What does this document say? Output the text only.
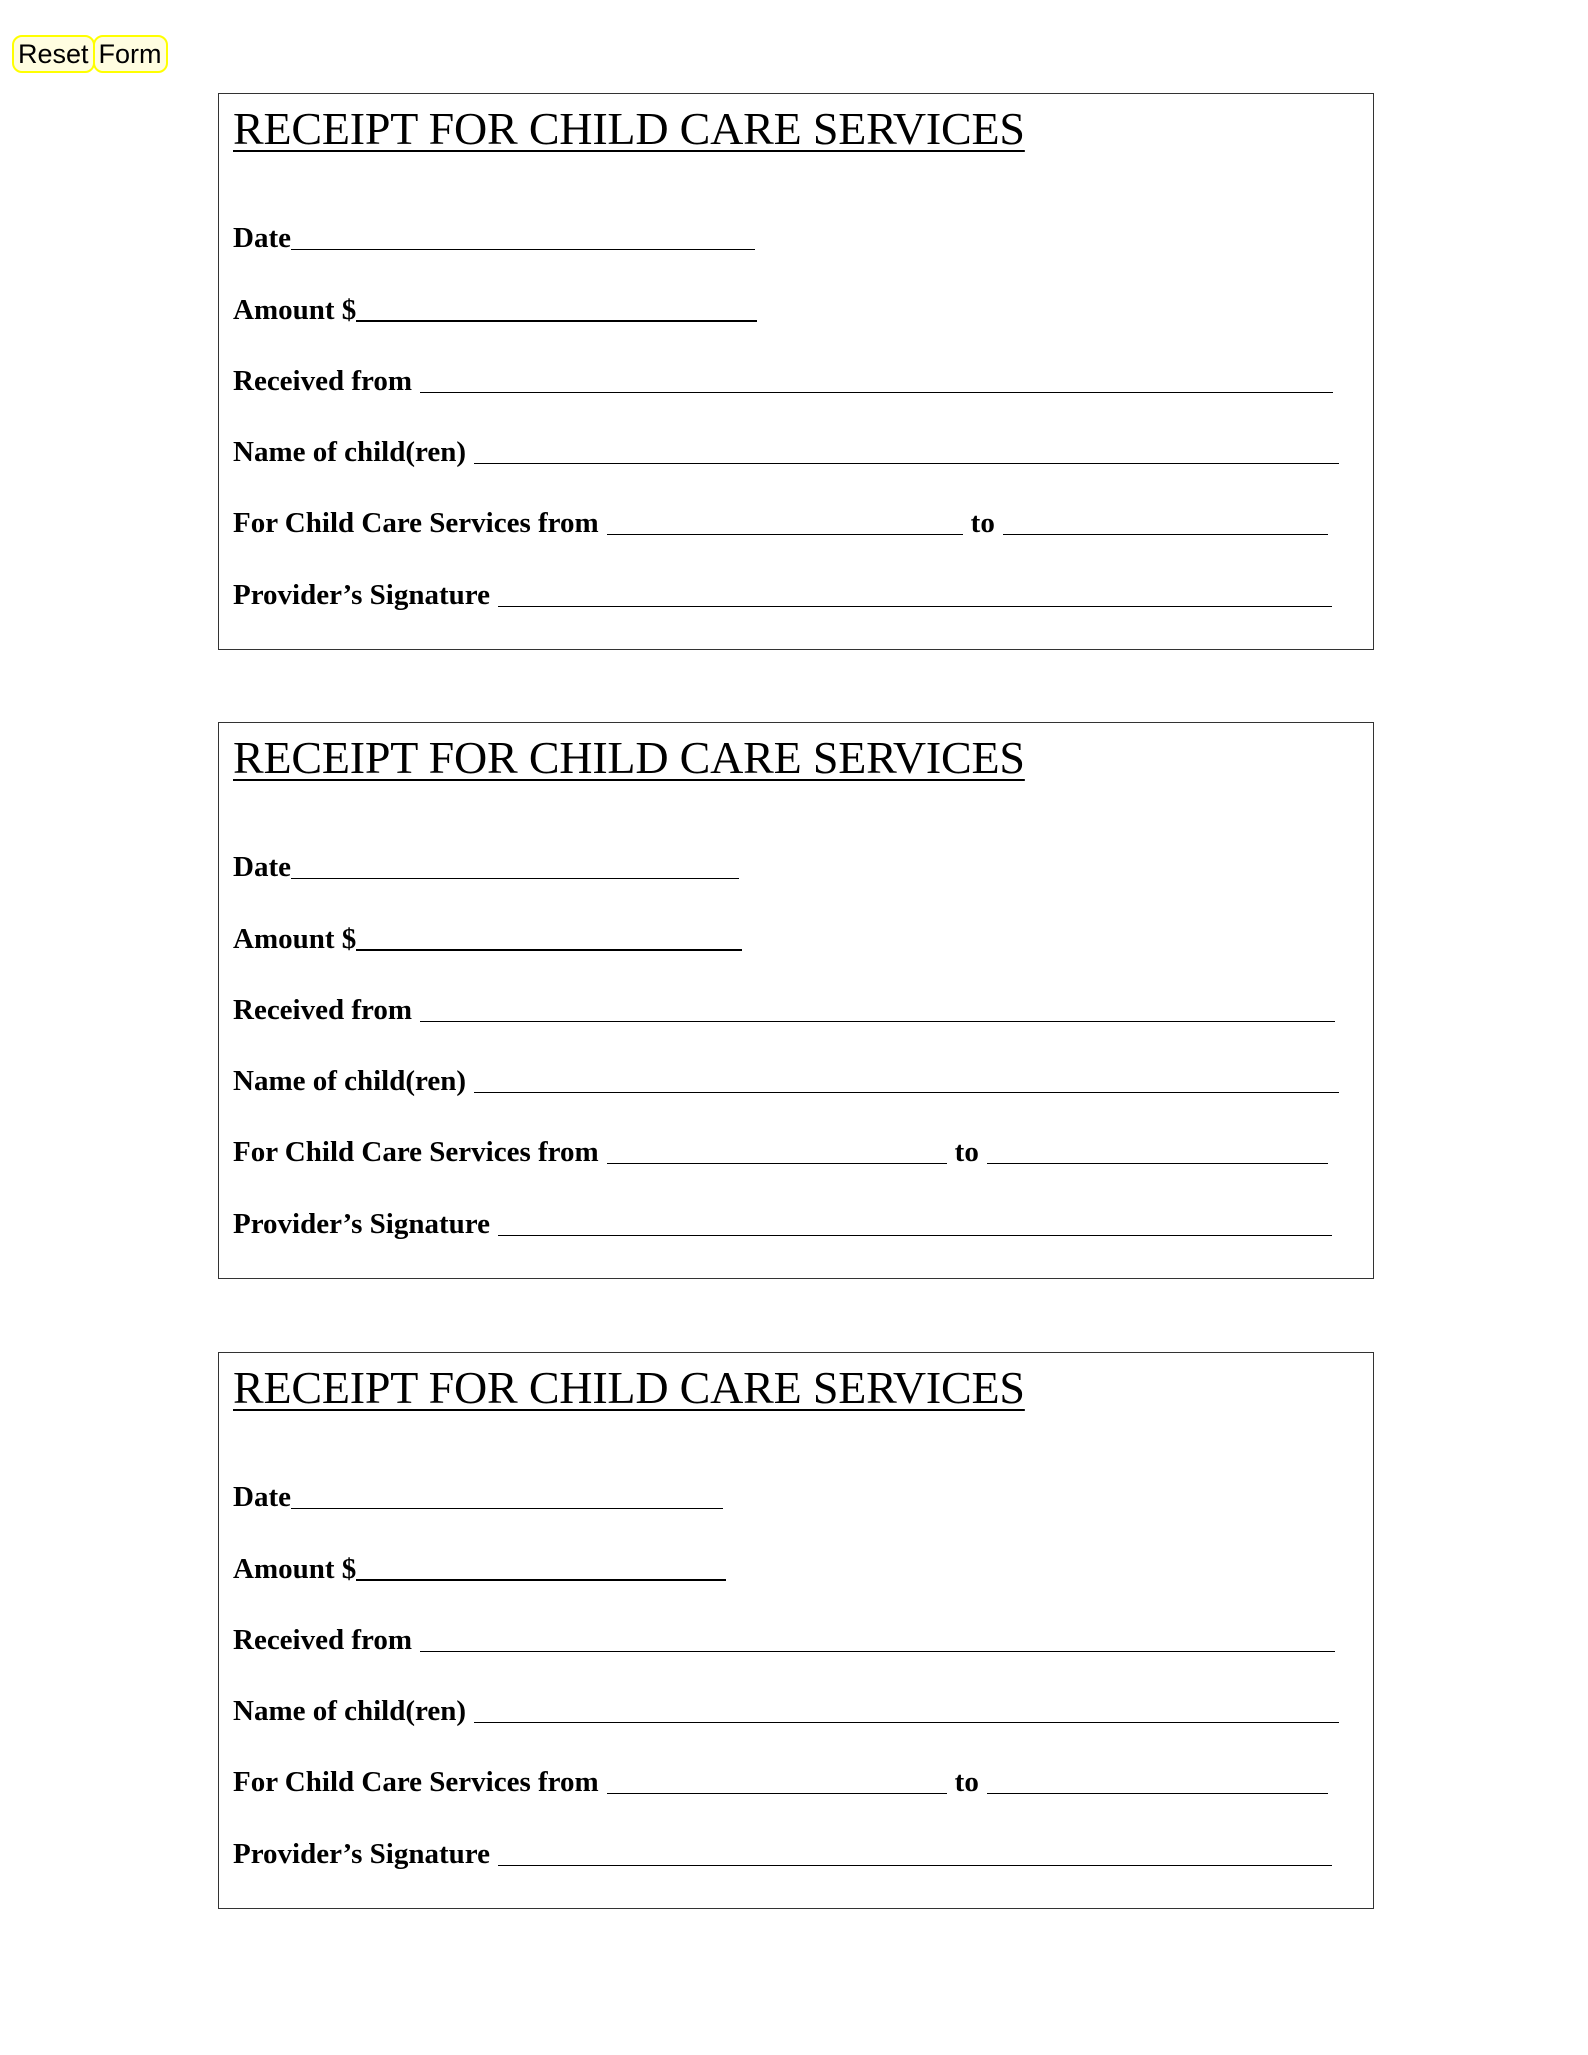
Reset Form
RECEIPT FOR CHILD CARE SERVICES
Date
Amount $
Received from
Name of child(ren)
For Child Care Services from	to
Provider’s Signature
RECEIPT FOR CHILD CARE SERVICES
Date
Amount $
Received from
Name of child(ren)
For Child Care Services from	to
Provider’s Signature
RECEIPT FOR CHILD CARE SERVICES
Date
Amount $
Received from
Name of child(ren)
For Child Care Services from	to
Provider’s Signature
